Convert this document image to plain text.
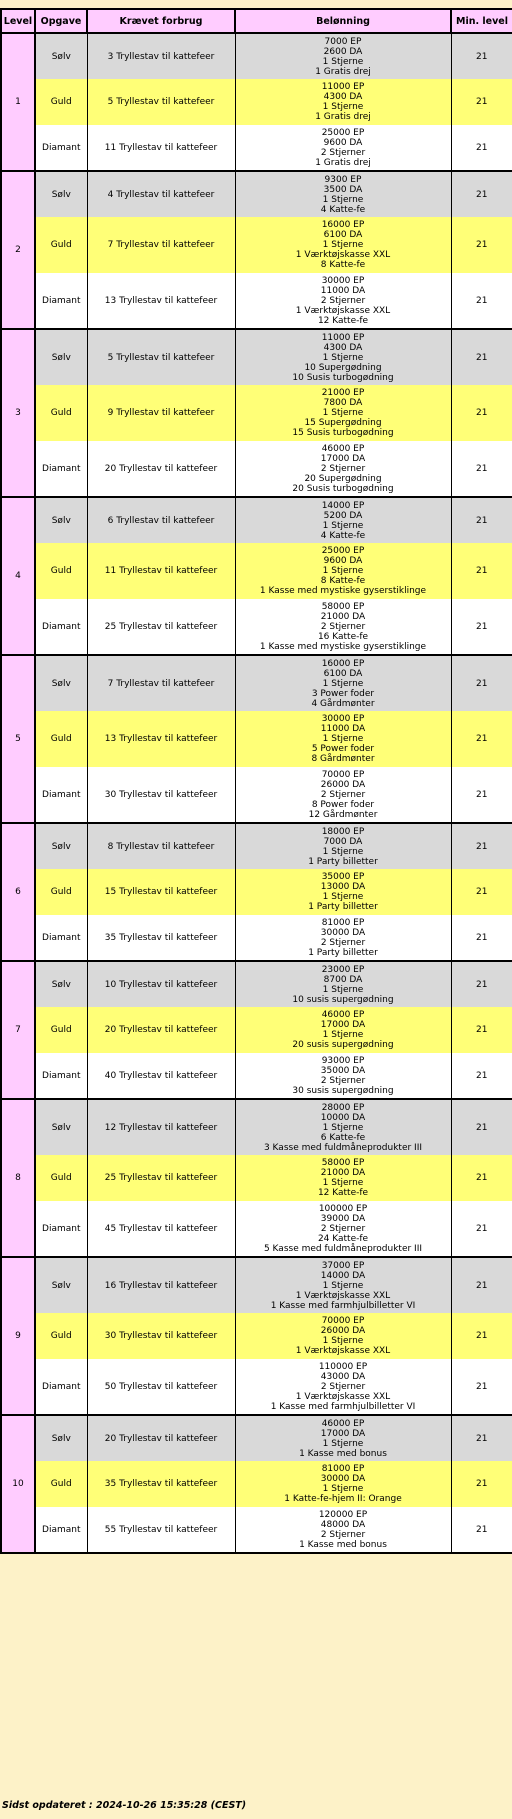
Level	Opgave	Krævet forbrug	Belønning	Min. level
1	Sølv	3 Tryllestav til kattefeer	7000 EP
2600 DA
1 Stjerne
1 Gratis drej	21
	Guld	5 Tryllestav til kattefeer	11000 EP
4300 DA
1 Stjerne
1 Gratis drej	21
	Diamant	11 Tryllestav til kattefeer	25000 EP
9600 DA
2 Stjerner
1 Gratis drej	21
2	Sølv	4 Tryllestav til kattefeer	9300 EP
3500 DA
1 Stjerne
4 Katte-fe	21
	Guld	7 Tryllestav til kattefeer	16000 EP
6100 DA
1 Stjerne
1 Værktøjskasse XXL
8 Katte-fe	21
	Diamant	13 Tryllestav til kattefeer	30000 EP
11000 DA
2 Stjerner
1 Værktøjskasse XXL
12 Katte-fe	21
3	Sølv	5 Tryllestav til kattefeer	11000 EP
4300 DA
1 Stjerne
10 Supergødning
10 Susis turbogødning	21
	Guld	9 Tryllestav til kattefeer	21000 EP
7800 DA
1 Stjerne
15 Supergødning
15 Susis turbogødning	21
	Diamant	20 Tryllestav til kattefeer	46000 EP
17000 DA
2 Stjerner
20 Supergødning
20 Susis turbogødning	21
4	Sølv	6 Tryllestav til kattefeer	14000 EP
5200 DA
1 Stjerne
4 Katte-fe	21
	Guld	11 Tryllestav til kattefeer	25000 EP
9600 DA
1 Stjerne
8 Katte-fe
1 Kasse med mystiske gyserstiklinge	21
	Diamant	25 Tryllestav til kattefeer	58000 EP
21000 DA
2 Stjerner
16 Katte-fe
1 Kasse med mystiske gyserstiklinge	21
5	Sølv	7 Tryllestav til kattefeer	16000 EP
6100 DA
1 Stjerne
3 Power foder
4 Gårdmønter	21
	Guld	13 Tryllestav til kattefeer	30000 EP
11000 DA
1 Stjerne
5 Power foder
8 Gårdmønter	21
	Diamant	30 Tryllestav til kattefeer	70000 EP
26000 DA
2 Stjerner
8 Power foder
12 Gårdmønter	21
6	Sølv	8 Tryllestav til kattefeer	18000 EP
7000 DA
1 Stjerne
1 Party billetter	21
	Guld	15 Tryllestav til kattefeer	35000 EP
13000 DA
1 Stjerne
1 Party billetter	21
	Diamant	35 Tryllestav til kattefeer	81000 EP
30000 DA
2 Stjerner
1 Party billetter	21
7	Sølv	10 Tryllestav til kattefeer	23000 EP
8700 DA
1 Stjerne
10 susis supergødning	21
	Guld	20 Tryllestav til kattefeer	46000 EP
17000 DA
1 Stjerne
20 susis supergødning	21
	Diamant	40 Tryllestav til kattefeer	93000 EP
35000 DA
2 Stjerner
30 susis supergødning	21
8	Sølv	12 Tryllestav til kattefeer	28000 EP
10000 DA
1 Stjerne
6 Katte-fe
3 Kasse med fuldmåneprodukter III	21
	Guld	25 Tryllestav til kattefeer	58000 EP
21000 DA
1 Stjerne
12 Katte-fe	21
	Diamant	45 Tryllestav til kattefeer	100000 EP
39000 DA
2 Stjerner
24 Katte-fe
5 Kasse med fuldmåneprodukter III	21
9	Sølv	16 Tryllestav til kattefeer	37000 EP
14000 DA
1 Stjerne
1 Værktøjskasse XXL
1 Kasse med farmhjulbilletter VI	21
	Guld	30 Tryllestav til kattefeer	70000 EP
26000 DA
1 Stjerne
1 Værktøjskasse XXL	21
	Diamant	50 Tryllestav til kattefeer	110000 EP
43000 DA
2 Stjerner
1 Værktøjskasse XXL
1 Kasse med farmhjulbilletter VI	21
10	Sølv	20 Tryllestav til kattefeer	46000 EP
17000 DA
1 Stjerne
1 Kasse med bonus	21
	Guld	35 Tryllestav til kattefeer	81000 EP
30000 DA
1 Stjerne
1 Katte-fe-hjem II: Orange	21
	Diamant	55 Tryllestav til kattefeer	120000 EP
48000 DA
2 Stjerner
1 Kasse med bonus	21
Sidst opdateret : 2024-10-26 15:35:28 (CEST)
